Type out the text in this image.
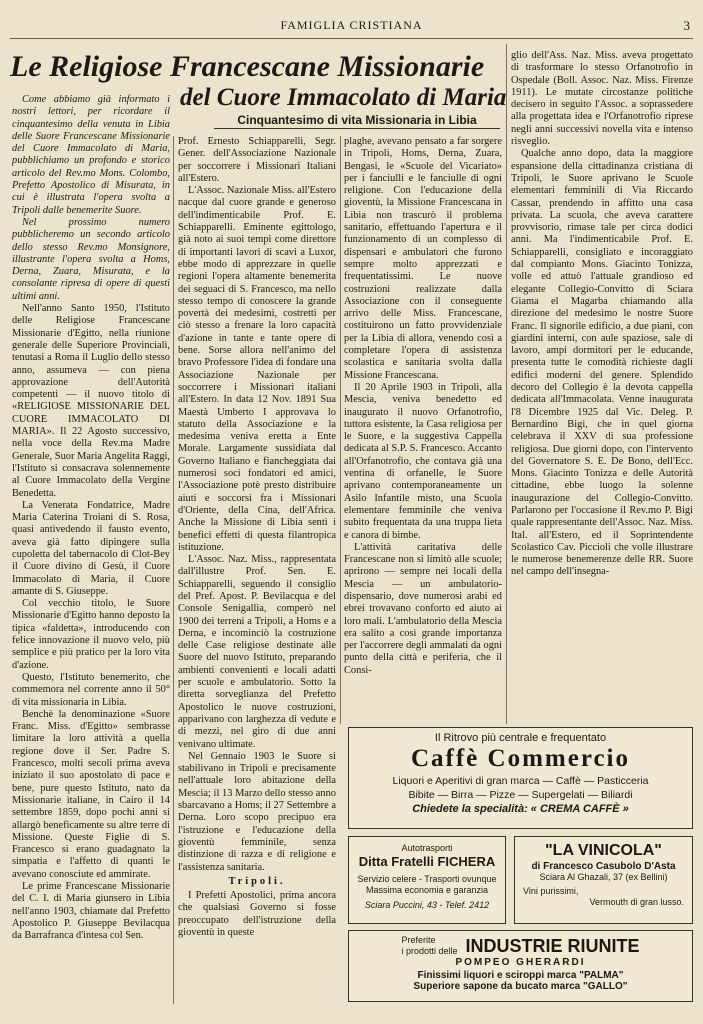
FAMIGLIA CRISTIANA	3
Le Religiose Francescane Missionarie
del Cuore Immacolato di Maria
Cinquantesimo di vita Missionaria in Libia

Come abbiamo già informato i nostri lettori, per ricordare il cinquantesimo della venuta in Libia delle Suore Francescane Missionarie del Cuore Immacolato di Maria, pubblichiamo un profondo e storico articolo del Rev.mo Mons. Colombo, Prefetto Apostolico di Misurata, in cui è illustrata l'opera svolta a Tripoli dalle benemerite Suore.

Nel prossimo numero pubblicheremo un secondo articolo dello stesso Rev.mo Monsignore, illustrante l'opera svolta a Homs, Derna, Zuara, Misurata, e la consolante ripresa di opere di questi ultimi anni.

Nell'anno Santo 1950, l'Istituto delle Religiose Francescane Missionarie d'Egitto, nella riunione generale delle Superiore Provinciali, tenutasi a Roma il Luglio dello stesso anno, assumeva — con piena approvazione dell'Autorità competenti — il nuovo titolo di «RELIGIOSE MISSIONARIE DEL CUORE IMMACOLATO DI MARIA». Il 22 Agosto successivo, nella voce della Rev.ma Madre Generale, Suor Maria Angelita Raggi, l'Istituto si consacrava solennemente al Cuore Immacolato della Vergine Benedetta.

La Venerata Fondatrice, Madre Maria Caterina Troiani di S. Rosa, quasi antivedendo il fausto evento, aveva già fatto dipingere sulla cupoletta del tabernacolo di Clot-Bey il Cuore divino di Gesù, il Cuore Immacolato di Maria, il Cuore amante di S. Giuseppe.

Col vecchio titolo, le Suore Missionarie d'Egitto hanno deposto la tipica «faldetta», introducendo con felice innovazione il nuovo velo, più semplice e più pratico per la loro vita d'azione.

Questo, l'Istituto benemerito, che commemora nel corrente anno il 50° di vita missionaria in Libia.

Benchè la denominazione «Suore Franc. Miss. d'Egitto» sembrasse limitare la loro attività a quella regione dove il Ser. Padre S. Francesco, molti secoli prima aveva iniziato il suo apostolato di pace e bene, pure questo Istituto, nato da Missionarie italiane, in Cairo il 14 settembre 1859, dopo pochi anni si allargò beneficamente su altre terre di Missione. Queste Figlie di S. Francesco si erano guadagnato la simpatia e l'affetto di quanti le avevano conosciute ed ammirate.

Le prime Francescane Missionarie del C. I. di Maria giunsero in Libia nell'anno 1903, chiamate dal Prefetto Apostolico P. Giuseppe Bevilacqua da Barrafranca d'intesa col Sen.

Prof. Ernesto Schiapparelli, Segr. Gener. dell'Associazione Nazionale per soccorrere i Missionari Italiani all'Estero.

L'Assoc. Nazionale Miss. all'Estero nacque dal cuore grande e generoso dell'indimenticabile Prof. E. Schiapparelli. Eminente egittologo, già noto ai suoi tempi come direttore di importanti lavori di scavi a Luxor, ebbe modo di apprezzare in quelle regioni l'opera altamente benemerita dei seguaci di S. Francesco, ma nello stesso tempo di conoscere la grande povertà dei medesimi, costretti per ciò stesso a frenare la loro capacità d'azione in tante e tante opere di bene. Sorse allora nell'animo del bravo Professore l'idea di fondare una Associazione Nazionale per soccorrere i Missionari italiani all'Estero. In data 12 Nov. 1891 Sua Maestà Umberto I approvava lo statuto della Associazione e la medesima veniva eretta a Ente Morale. Largamente sussidiata dal Governo Italiano e fiancheggiata dai numerosi soci fondatori ed amici, l'Associazione potè presto distribuire aiuti e soccorsi fra i Missionari d'Oriente, della Cina, dell'Africa. Anche la Missione di Libia sentì i benefici effetti di questa filantropica istituzione.

L'Assoc. Naz. Miss., rappresentata dall'illustre Prof. Sen. E. Schiapparelli, seguendo il consiglio del Pref. Apost. P. Bevilacqua e del Console Senigallia, comperò nel 1900 dei terreni a Tripoli, a Homs e a Derna, e incominciò la costruzione delle Case religiose destinate alle Suore del nuovo Istituto, preparando ambienti convenienti e locali adatti per scuole e ambulatorio. Sotto la diretta sorveglianza del Prefetto Apostolico le nuove costruzioni, apparivano con larghezza di vedute e di mezzi, nel giro di due anni venivano ultimate.

Nel Gennaio 1903 le Suore si stabilivano in Tripoli e precisamente nell'attuale loro abitazione della Mescia; il 13 Marzo dello stesso anno sbarcavano a Homs; il 27 Settembre a Derna. Loro scopo precipuo era l'istruzione e l'educazione della gioventù femminile, senza distinzione di razza e di religione e l'assistenza sanitaria.

Tripoli.

I Prefetti Apostolici, prima ancora che qualsiasi Governo si fosse preoccupato dell'istruzione della gioventù in queste

plaghe, avevano pensato a far sorgere in Tripoli, Homs, Derna, Zuara, Bengasi, le «Scuole del Vicariato» per i fanciulli e le fanciulle di ogni religione. Con l'educazione della gioventù, la Missione Francescana in Libia non trascurò il problema sanitario, effettuando l'apertura e il funzionamento di un complesso di dispensari e ambulatori che furono sempre molto apprezzati e frequentatissimi. Le nuove costruzioni realizzate dalla Associazione con il conseguente arrivo delle Miss. Francescane, costituirono un fatto provvidenziale per la Libia di allora, venendo così a completare l'opera di assistenza scolastica e sanitaria svolta dalla Missione Francescana.

Il 20 Aprile 1903 in Tripoli, alla Mescia, veniva benedetto ed inaugurato il nuovo Orfanotrofio, tuttora esistente, la Casa religiosa per le Suore, e la suggestiva Cappella dedicata al S.P. S. Francesco. Accanto all'Orfanotrofio, che contava già una ventina di orfanelle, le Suore aprivano contemporaneamente un Asilo Infantile misto, una Scuola elementare femminile che veniva subito frequentata da una truppa lieta e canora di bimbe.

L'attività caritativa delle Francescane non si limitò alle scuole; aprirono — sempre nei locali della Mescia — un ambulatorio-dispensario, dove numerosi arabi ed ebrei trovavano conforto ed aiuto ai loro mali. L'ambulatorio della Mescia era salito a così grande importanza per l'accorrere degli ammalati da ogni punto della città e periferia, che il Consi-

glio dell'Ass. Naz. Miss. aveva progettato di trasformare lo stesso Orfanotrofio in Ospedale (Boll. Assoc. Naz. Miss. Firenze 1911). Le mutate circostanze politiche decisero in seguito l'Assoc. a soprassedere alla progettata idea e l'Orfanotrofio riprese negli anni successivi novella vita e intenso risveglio.

Qualche anno dopo, data la maggiore espansione della cittadinanza cristiana di Tripoli, le Suore aprivano le Scuole elementari femminili di Via Riccardo Cassar, prendendo in affitto una casa privata. La scuola, che aveva carattere provvisorio, rimase tale per circa dodici anni. Ma l'indimenticabile Prof. E. Schiapparelli, consigliato e incoraggiato dal compianto Mons. Giacinto Tonizza, volle ed attuò l'attuale grandioso ed elegante Collegio-Convitto di Sciara Giama el Magarba chiamando alla direzione del medesimo le nostre Suore Franc. Il signorile edificio, a due piani, con giardini interni, con aule spaziose, sale di lavoro, ampi dormitori per le educande, presenta tutte le comodità richieste dagli edifici moderni del genere. Splendido decoro del Collegio è la devota cappella dedicata all'Immacolata. Venne inaugurata l'8 Dicembre 1925 dal Vic. Deleg. P. Bernardino Bigi, che in quel giorna celebrava il XXV di sua professione religiosa. Due giorni dopo, con l'intervento del Governatore S. E. De Bono, dell'Ecc. Mons. Giacinto Tonizza e delle Autorità cittadine, ebbe luogo la solenne inaugurazione del Collegio-Convitto. Parlarono per l'occasione il Rev.mo P. Bigi quale rappresentante dell'Assoc. Naz. Miss. Ital. all'Estero, ed il Soprintendente Scolastico Cav. Piccioli che volle illustrare le numerose benemerenze delle RR. Suore nel campo dell'insegna-

Il Ritrovo più centrale e frequentato
Caffè Commercio
Liquori e Aperitivi di gran marca — Caffè — Pasticceria
Bibite — Birra — Pizze — Supergelati — Biliardi
Chiedete la specialità: « CREMA CAFFÈ »
Autotrasporti
Ditta Fratelli FICHERA
Servizio celere - Trasporti ovunque
Massima economia e garanzia
Sciara Puccini, 43 - Telef. 2412
"LA VINICOLA"
di Francesco Casubolo D'Asta
Sciara Al Ghazali, 37 (ex Bellini)
Vini purissimi,
Vermouth di gran lusso.
Preferite
i prodotti delle INDUSTRIE RIUNITE
POMPEO GHERARDI
Finissimi liquori e sciroppi marca "PALMA"
Superiore sapone da bucato marca "GALLO"
